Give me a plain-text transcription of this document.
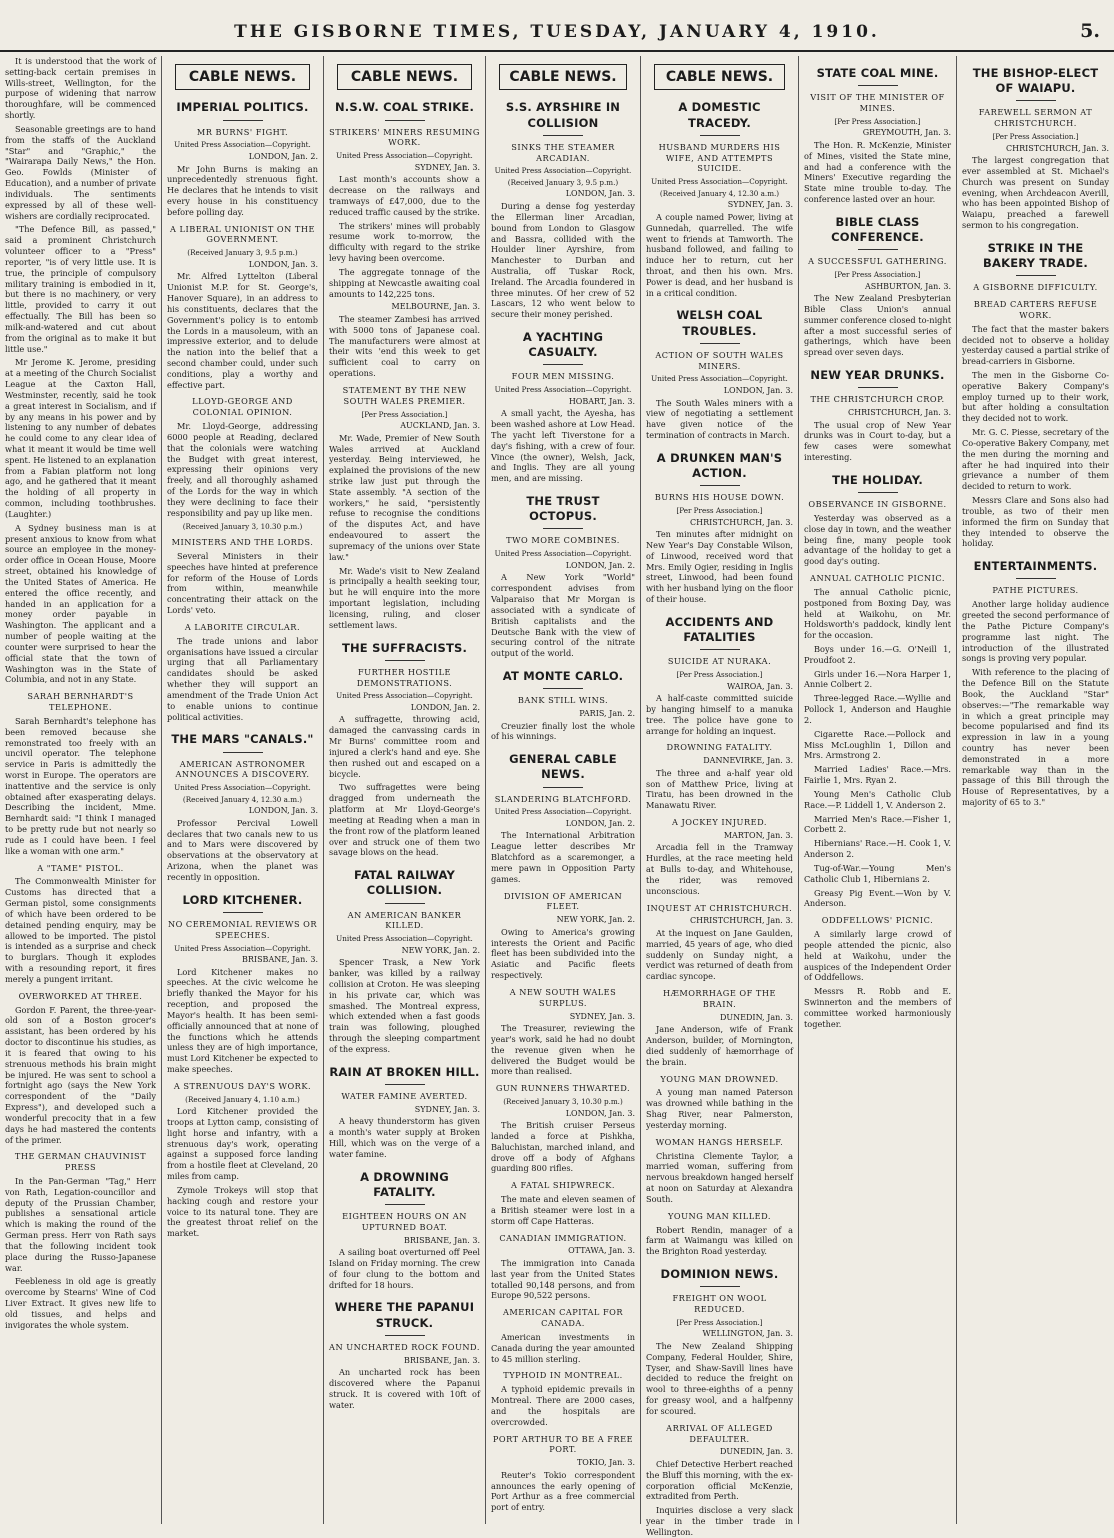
THE GISBORNE TIMES, TUESDAY, JANUARY 4, 1910.	5.

It is understood that the work of setting-back certain premises in Wills-street, Wellington, for the purpose of widening that narrow thoroughfare, will be commenced shortly.

Seasonable greetings are to hand from the staffs of the Auckland "Star" and "Graphic," the "Wairarapa Daily News," the Hon. Geo. Fowlds (Minister of Education), and a number of private individuals. The sentiments expressed by all of these well-wishers are cordially reciprocated.

"The Defence Bill, as passed," said a prominent Christchurch volunteer officer to a "Press" reporter, "is of very little use. It is true, the principle of compulsory military training is embodied in it, but there is no machinery, or very little, provided to carry it out effectually. The Bill has been so milk-and-watered and cut about from the original as to make it but little use."

Mr Jerome K. Jerome, presiding at a meeting of the Church Socialist League at the Caxton Hall, Westminster, recently, said he took a great interest in Socialism, and if by any means in his power and by listening to any number of debates he could come to any clear idea of what it meant it would be time well spent. He listened to an explanation from a Fabian platform not long ago, and he gathered that it meant the holding of all property in common, including toothbrushes. (Laughter.)

A Sydney business man is at present anxious to know from what source an employee in the money-order office in Ocean House, Moore street, obtained his knowledge of the United States of America. He entered the office recently, and handed in an application for a money order payable in Washington. The applicant and a number of people waiting at the counter were surprised to hear the official state that the town of Washington was in the State of Columbia, and not in any State.

SARAH BERNHARDT'S TELEPHONE.

Sarah Bernhardt's telephone has been removed because she remonstrated too freely with an uncivil operator. The telephone service in Paris is admittedly the worst in Europe. The operators are inattentive and the service is only obtained after exasperating delays. Describing the incident, Mme. Bernhardt said: "I think I managed to be pretty rude but not nearly so rude as I could have been. I feel like a woman with one arm."

A "TAME" PISTOL.

The Commonwealth Minister for Customs has directed that a German pistol, some consignments of which have been ordered to be detained pending enquiry, may be allowed to be imported. The pistol is intended as a surprise and check to burglars. Though it explodes with a resounding report, it fires merely a pungent irritant.

OVERWORKED AT THREE.

Gordon F. Parent, the three-year-old son of a Boston grocer's assistant, has been ordered by his doctor to discontinue his studies, as it is feared that owing to his strenuous methods his brain might be injured. He was sent to school a fortnight ago (says the New York correspondent of the "Daily Express"), and developed such a wonderful precocity that in a few days he had mastered the contents of the primer.

THE GERMAN CHAUVINIST PRESS

In the Pan-German "Tag," Herr von Rath, Legation-councillor and deputy of the Prussian Chamber, publishes a sensational article which is making the round of the German press. Herr von Rath says that the following incident took place during the Russo-Japanese war.

Feebleness in old age is greatly overcome by Stearns' Wine of Cod Liver Extract. It gives new life to old tissues, and helps and invigorates the whole system.

CABLE NEWS.
IMPERIAL POLITICS.
MR BURNS' FIGHT.
United Press Association—Copyright.
LONDON, Jan. 2.

Mr John Burns is making an unprecedentedly strenuous fight. He declares that he intends to visit every house in his constituency before polling day.

A LIBERAL UNIONIST ON THE GOVERNMENT.
(Received January 3, 9.5 p.m.)
LONDON, Jan. 3.

Mr. Alfred Lyttelton (Liberal Unionist M.P. for St. George's, Hanover Square), in an address to his constituents, declares that the Government's policy is to entomb the Lords in a mausoleum, with an impressive exterior, and to delude the nation into the belief that a second chamber could, under such conditions, play a worthy and effective part.

LLOYD-GEORGE AND COLONIAL OPINION.

Mr. Lloyd-George, addressing 6000 people at Reading, declared that the colonials were watching the Budget with great interest, expressing their opinions very freely, and all thoroughly ashamed of the Lords for the way in which they were declining to face their responsibility and pay up like men.

(Received January 3, 10.30 p.m.)
MINISTERS AND THE LORDS.

Several Ministers in their speeches have hinted at preference for reform of the House of Lords from within, meanwhile concentrating their attack on the Lords' veto.

A LABORITE CIRCULAR.

The trade unions and labor organisations have issued a circular urging that all Parliamentary candidates should be asked whether they will support an amendment of the Trade Union Act to enable unions to continue political activities.

THE MARS "CANALS."
AMERICAN ASTRONOMER ANNOUNCES A DISCOVERY.
United Press Association—Copyright.
(Received January 4, 12.30 a.m.)
LONDON, Jan. 3.

Professor Percival Lowell declares that two canals new to us and to Mars were discovered by observations at the observatory at Arizona, when the planet was recently in opposition.

LORD KITCHENER.
NO CEREMONIAL REVIEWS OR SPEECHES.
United Press Association—Copyright.
BRISBANE, Jan. 3.

Lord Kitchener makes no speeches. At the civic welcome he briefly thanked the Mayor for his reception, and proposed the Mayor's health. It has been semi-officially announced that at none of the functions which he attends unless they are of high importance, must Lord Kitchener be expected to make speeches.

A STRENUOUS DAY'S WORK.
(Received January 4, 1.10 a.m.)

Lord Kitchener provided the troops at Lytton camp, consisting of light horse and infantry, with a strenuous day's work, operating against a supposed force landing from a hostile fleet at Cleveland, 20 miles from camp.

Zymole Trokeys will stop that hacking cough and restore your voice to its natural tone. They are the greatest throat relief on the market.

CABLE NEWS.
N.S.W. COAL STRIKE.
STRIKERS' MINERS RESUMING WORK.
United Press Association—Copyright.
SYDNEY, Jan. 3.

Last month's accounts show a decrease on the railways and tramways of £47,000, due to the reduced traffic caused by the strike.

The strikers' mines will probably resume work to-morrow, the difficulty with regard to the strike levy having been overcome.

The aggregate tonnage of the shipping at Newcastle awaiting coal amounts to 142,225 tons.

MELBOURNE, Jan. 3.

The steamer Zambesi has arrived with 5000 tons of Japanese coal. The manufacturers were almost at their wits 'end this week to get sufficient coal to carry on operations.

STATEMENT BY THE NEW SOUTH WALES PREMIER.
[Per Press Association.]
AUCKLAND, Jan. 3.

Mr. Wade, Premier of New South Wales arrived at Auckland yesterday. Being interviewed, he explained the provisions of the new strike law just put through the State assembly. "A section of the workers," he said, "persistently refuse to recognise the conditions of the disputes Act, and have endeavoured to assert the supremacy of the unions over State law."

Mr. Wade's visit to New Zealand is principally a health seeking tour, but he will enquire into the more important legislation, including licensing, ruling, and closer settlement laws.

THE SUFFRACISTS.
FURTHER HOSTILE DEMONSTRATIONS.
United Press Association—Copyright.
LONDON, Jan. 2.

A suffragette, throwing acid, damaged the canvassing cards in Mr Burns' committee room and injured a clerk's hand and eye. She then rushed out and escaped on a bicycle.

Two suffragettes were being dragged from underneath the platform at Mr Lloyd-George's meeting at Reading when a man in the front row of the platform leaned over and struck one of them two savage blows on the head.

FATAL RAILWAY COLLISION.
AN AMERICAN BANKER KILLED.
United Press Association—Copyright.
NEW YORK, Jan. 2.

Spencer Trask, a New York banker, was killed by a railway collision at Croton. He was sleeping in his private car, which was smashed. The Montreal express, which extended when a fast goods train was following, ploughed through the sleeping compartment of the express.

RAIN AT BROKEN HILL.
WATER FAMINE AVERTED.
SYDNEY, Jan. 3.

A heavy thunderstorm has given a month's water supply at Broken Hill, which was on the verge of a water famine.

A DROWNING FATALITY.
EIGHTEEN HOURS ON AN UPTURNED BOAT.
BRISBANE, Jan. 3.

A sailing boat overturned off Peel Island on Friday morning. The crew of four clung to the bottom and drifted for 18 hours.

WHERE THE PAPANUI STRUCK.
AN UNCHARTED ROCK FOUND.
BRISBANE, Jan. 3.

An uncharted rock has been discovered where the Papanui struck. It is covered with 10ft of water.

CABLE NEWS.
S.S. AYRSHIRE IN COLLISION
SINKS THE STEAMER ARCADIAN.
United Press Association—Copyright.
(Received January 3, 9.5 p.m.)
LONDON, Jan. 3.

During a dense fog yesterday the Ellerman liner Arcadian, bound from London to Glasgow and Bassra, collided with the Houlder liner Ayrshire, from Manchester to Durban and Australia, off Tuskar Rock, Ireland. The Arcadia foundered in three minutes. Of her crew of 52 Lascars, 12 who went below to secure their money perished.

A YACHTING CASUALTY.
FOUR MEN MISSING.
United Press Association—Copyright.
HOBART, Jan. 3.

A small yacht, the Ayesha, has been washed ashore at Low Head. The yacht left Tiverstone for a day's fishing, with a crew of four. Vince (the owner), Welsh, Jack, and Inglis. They are all young men, and are missing.

THE TRUST OCTOPUS.
TWO MORE COMBINES.
United Press Association—Copyright.
LONDON, Jan. 2.

A New York "World" correspondent advises from Valparaiso that Mr Morgan is associated with a syndicate of British capitalists and the Deutsche Bank with the view of securing control of the nitrate output of the world.

AT MONTE CARLO.
BANK STILL WINS.
PARIS, Jan. 2.

Creuzier finally lost the whole of his winnings.

GENERAL CABLE NEWS.
SLANDERING BLATCHFORD.
United Press Association—Copyright.
LONDON, Jan. 2.

The International Arbitration League letter describes Mr Blatchford as a scaremonger, a mere pawn in Opposition Party games.

DIVISION OF AMERICAN FLEET.
NEW YORK, Jan. 2.

Owing to America's growing interests the Orient and Pacific fleet has been subdivided into the Asiatic and Pacific fleets respectively.

A NEW SOUTH WALES SURPLUS.
SYDNEY, Jan. 3.

The Treasurer, reviewing the year's work, said he had no doubt the revenue given when he delivered the Budget would be more than realised.

GUN RUNNERS THWARTED.
(Received January 3, 10.30 p.m.)
LONDON, Jan. 3.

The British cruiser Perseus landed a force at Pishkha, Baluchistan, marched inland, and drove off a body of Afghans guarding 800 rifles.

A FATAL SHIPWRECK.

The mate and eleven seamen of a British steamer were lost in a storm off Cape Hatteras.

CANADIAN IMMIGRATION.
OTTAWA, Jan. 3.

The immigration into Canada last year from the United States totalled 90,148 persons, and from Europe 90,522 persons.

AMERICAN CAPITAL FOR CANADA.

American investments in Canada during the year amounted to 45 million sterling.

TYPHOID IN MONTREAL.

A typhoid epidemic prevails in Montreal. There are 2000 cases, and the hospitals are overcrowded.

PORT ARTHUR TO BE A FREE PORT.
TOKIO, Jan. 3.

Reuter's Tokio correspondent announces the early opening of Port Arthur as a free commercial port of entry.

CABLE NEWS.
A DOMESTIC TRACEDY.
HUSBAND MURDERS HIS WIFE, AND ATTEMPTS SUICIDE.
United Press Association—Copyright.
(Received January 4, 12.30 a.m.)
SYDNEY, Jan. 3.

A couple named Power, living at Gunnedah, quarrelled. The wife went to friends at Tamworth. The husband followed, and failing to induce her to return, cut her throat, and then his own. Mrs. Power is dead, and her husband is in a critical condition.

WELSH COAL TROUBLES.
ACTION OF SOUTH WALES MINERS.
United Press Association—Copyright.
LONDON, Jan. 3.

The South Wales miners with a view of negotiating a settlement have given notice of the termination of contracts in March.

A DRUNKEN MAN'S ACTION.
BURNS HIS HOUSE DOWN.
[Per Press Association.]
CHRISTCHURCH, Jan. 3.

Ten minutes after midnight on New Year's Day Constable Wilson, of Linwood, received word that Mrs. Emily Ogier, residing in Inglis street, Linwood, had been found with her husband lying on the floor of their house.

ACCIDENTS AND FATALITIES
SUICIDE AT NURAKA.
[Per Press Association.]
WAIROA, Jan. 3.

A half-caste committed suicide by hanging himself to a manuka tree. The police have gone to arrange for holding an inquest.

DROWNING FATALITY.
DANNEVIRKE, Jan. 3.

The three and a-half year old son of Matthew Price, living at Tiratu, has been drowned in the Manawatu River.

A JOCKEY INJURED.
MARTON, Jan. 3.

Arcadia fell in the Tramway Hurdles, at the race meeting held at Bulls to-day, and Whitehouse, the rider, was removed unconscious.

INQUEST AT CHRISTCHURCH.
CHRISTCHURCH, Jan. 3.

At the inquest on Jane Gaulden, married, 45 years of age, who died suddenly on Sunday night, a verdict was returned of death from cardiac syncope.

HÆMORRHAGE OF THE BRAIN.
DUNEDIN, Jan. 3.

Jane Anderson, wife of Frank Anderson, builder, of Mornington, died suddenly of hæmorrhage of the brain.

YOUNG MAN DROWNED.

A young man named Paterson was drowned while bathing in the Shag River, near Palmerston, yesterday morning.

WOMAN HANGS HERSELF.

Christina Clemente Taylor, a married woman, suffering from nervous breakdown hanged herself at noon on Saturday at Alexandra South.

YOUNG MAN KILLED.

Robert Rendin, manager of a farm at Waimangu was killed on the Brighton Road yesterday.

DOMINION NEWS.
FREIGHT ON WOOL REDUCED.
[Per Press Association.]
WELLINGTON, Jan. 3.

The New Zealand Shipping Company, Federal Houlder, Shire, Tyser, and Shaw-Savill lines have decided to reduce the freight on wool to three-eighths of a penny for greasy wool, and a halfpenny for scoured.

ARRIVAL OF ALLEGED DEFAULTER.
DUNEDIN, Jan. 3.

Chief Detective Herbert reached the Bluff this morning, with the ex-corporation official McKenzie, extradited from Perth.

Inquiries disclose a very slack year in the timber trade in Wellington.

STATE COAL MINE.
VISIT OF THE MINISTER OF MINES.
[Per Press Association.]
GREYMOUTH, Jan. 3.

The Hon. R. McKenzie, Minister of Mines, visited the State mine, and had a conference with the Miners' Executive regarding the State mine trouble to-day. The conference lasted over an hour.

BIBLE CLASS CONFERENCE.
A SUCCESSFUL GATHERING.
[Per Press Association.]
ASHBURTON, Jan. 3.

The New Zealand Presbyterian Bible Class Union's annual summer conference closed to-night after a most successful series of gatherings, which have been spread over seven days.

NEW YEAR DRUNKS.
THE CHRISTCHURCH CROP.
CHRISTCHURCH, Jan. 3.

The usual crop of New Year drunks was in Court to-day, but a few cases were somewhat interesting.

THE HOLIDAY.
OBSERVANCE IN GISBORNE.

Yesterday was observed as a close day in town, and the weather being fine, many people took advantage of the holiday to get a good day's outing.

ANNUAL CATHOLIC PICNIC.

The annual Catholic picnic, postponed from Boxing Day, was held at Waikohu, on Mr. Holdsworth's paddock, kindly lent for the occasion.

Boys under 16.—G. O'Neill 1, Proudfoot 2.

Girls under 16.—Nora Harper 1, Annie Colbert 2.

Three-legged Race.—Wyllie and Pollock 1, Anderson and Haughie 2.

Cigarette Race.—Pollock and Miss McLoughlin 1, Dillon and Mrs. Armstrong 2.

Married Ladies' Race.—Mrs. Fairlie 1, Mrs. Ryan 2.

Young Men's Catholic Club Race.—P. Liddell 1, V. Anderson 2.

Married Men's Race.—Fisher 1, Corbett 2.

Hibernians' Race.—H. Cook 1, V. Anderson 2.

Tug-of-War.—Young Men's Catholic Club 1, Hibernians 2.

Greasy Pig Event.—Won by V. Anderson.

ODDFELLOWS' PICNIC.

A similarly large crowd of people attended the picnic, also held at Waikohu, under the auspices of the Independent Order of Oddfellows.

Messrs R. Robb and E. Swinnerton and the members of committee worked harmoniously together.

THE BISHOP-ELECT OF WAIAPU.
FAREWELL SERMON AT CHRISTCHURCH.
[Per Press Association.]
CHRISTCHURCH, Jan. 3.

The largest congregation that ever assembled at St. Michael's Church was present on Sunday evening, when Archdeacon Averill, who has been appointed Bishop of Waiapu, preached a farewell sermon to his congregation.

STRIKE IN THE BAKERY TRADE.
A GISBORNE DIFFICULTY.
BREAD CARTERS REFUSE WORK.

The fact that the master bakers decided not to observe a holiday yesterday caused a partial strike of bread-carriers in Gisborne.

The men in the Gisborne Co-operative Bakery Company's employ turned up to their work, but after holding a consultation they decided not to work.

Mr. G. C. Piesse, secretary of the Co-operative Bakery Company, met the men during the morning and after he had inquired into their grievance a number of them decided to return to work.

Messrs Clare and Sons also had trouble, as two of their men informed the firm on Sunday that they intended to observe the holiday.

ENTERTAINMENTS.
PATHE PICTURES.

Another large holiday audience greeted the second performance of the Pathe Picture Company's programme last night. The introduction of the illustrated songs is proving very popular.

With reference to the placing of the Defence Bill on the Statute Book, the Auckland "Star" observes:—"The remarkable way in which a great principle may become popularised and find its expression in law in a young country has never been demonstrated in a more remarkable way than in the passage of this Bill through the House of Representatives, by a majority of 65 to 3."
